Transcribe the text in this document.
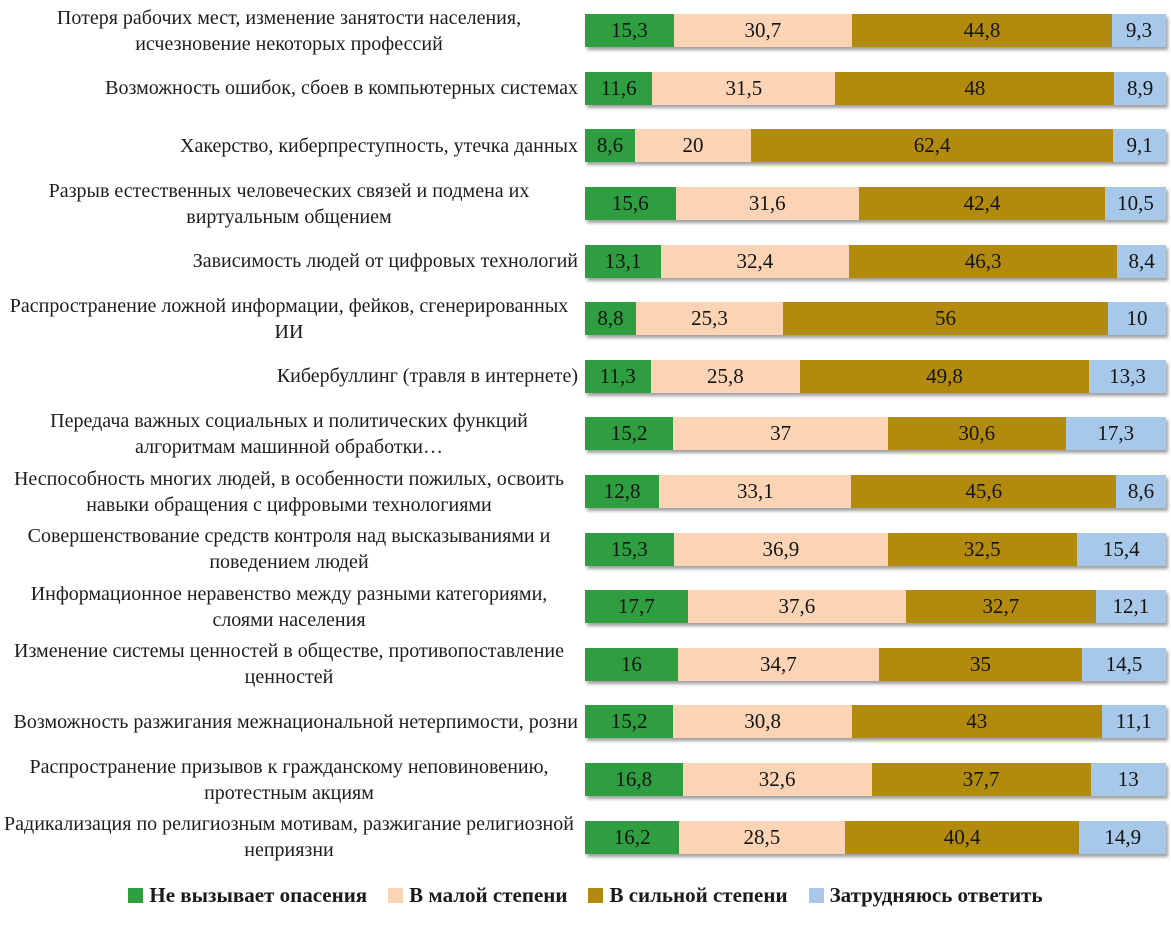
Потеря рабочих мест, изменение занятости населения, исчезновение некоторых профессий
15,3	30,7	44,8	9,3
Возможность ошибок, сбоев в компьютерных системах 11,6	31,5	48	8,9
Хакерство, киберпреступность, утечка данных 8,6	20	62,4	9,1
Разрыв естественных человеческих связей и подмена их виртуальным общением
15,6	31,6	42,4	10,5
Зависимость людей от цифровых технологий 13,1	32,4	46,3	8,4
Распространение ложной информации, фейков, сгенерированных ИИ
8,8	25,3	56	10
Кибербуллинг (травля в интернете) 11,3	25,8	49,8	13,3
Передача важных социальных и политических функций алгоритмам машинной обработки…
15,2	37	30,6	17,3
Неспособность многих людей, в особенности пожилых, освоить навыки обращения с цифровыми технологиями
12,8	33,1	45,6	8,6
Совершенствование средств контроля над высказываниями и поведением людей
15,3	36,9	32,5	15,4
Информационное неравенство между разными категориями, слоями населения
17,7	37,6	32,7	12,1
Изменение системы ценностей в обществе, противопоставление ценностей
16	34,7	35	14,5
Возможность разжигания межнациональной нетерпимости, розни 15,2	30,8	43	11,1
Распространение призывов к гражданскому неповиновению, протестным акциям
16,8	32,6	37,7	13
Радикализация по религиозным мотивам, разжигание религиозной неприязни
16,2	28,5	40,4	14,9
Не вызывает опасения В малой степени В сильной степени Затрудняюсь ответить
